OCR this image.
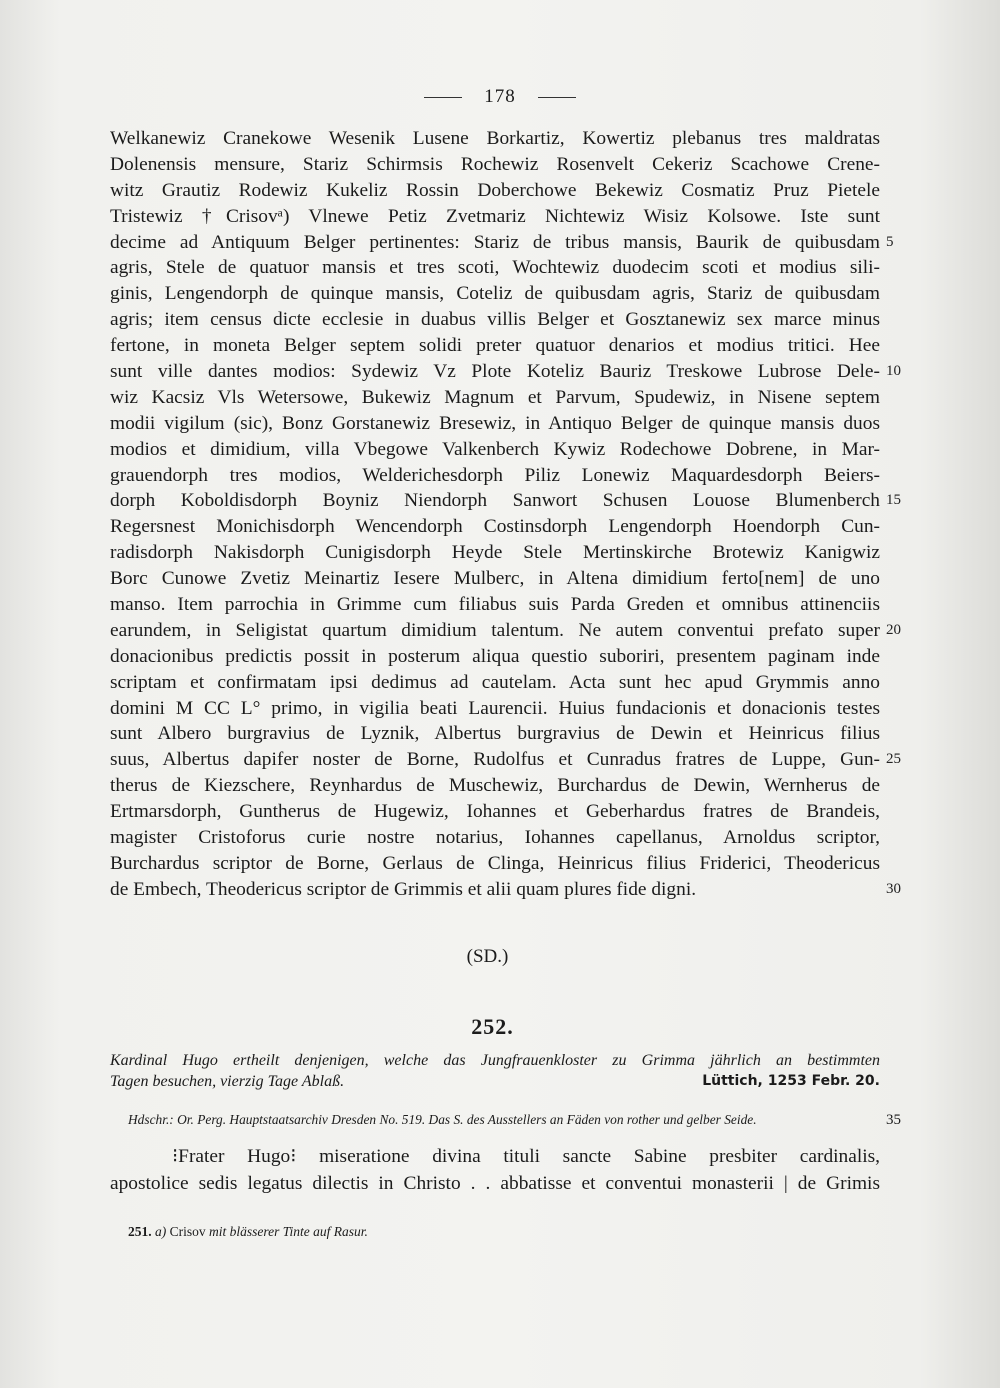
178
Welkanewiz Cranekowe Wesenik Lusene Borkartiz, Kowertiz plebanus tres maldratas
Dolenensis mensure, Stariz Schirmsis Rochewiz Rosenvelt Cekeriz Scachowe Crene-
witz Grautiz Rodewiz Kukeliz Rossin Doberchowe Bekewiz Cosmatiz Pruz Pietele
Tristewiz †Crisovᵃ) Vlnewe Petiz Zvetmariz Nichtewiz Wisiz Kolsowe. Iste sunt
decime ad Antiquum Belger pertinentes: Stariz de tribus mansis, Baurik de quibusdam 5
agris, Stele de quatuor mansis et tres scoti, Wochtewiz duodecim scoti et modius sili-
ginis, Lengendorph de quinque mansis, Coteliz de quibusdam agris, Stariz de quibusdam
agris; item census dicte ecclesie in duabus villis Belger et Gosztanewiz sex marce minus
fertone, in moneta Belger septem solidi preter quatuor denarios et modius tritici. Hee
sunt ville dantes modios: Sydewiz Vz Plote Koteliz Bauriz Treskowe Lubrose Dele- 10
wiz Kacsiz Vls Wetersowe, Bukewiz Magnum et Parvum, Spudewiz, in Nisene septem
modii vigilum (sic), Bonz Gorstanewiz Bresewiz, in Antiquo Belger de quinque mansis duos
modios et dimidium, villa Vbegowe Valkenberch Kywiz Rodechowe Dobrene, in Mar-
grauendorph tres modios, Welderichesdorph Piliz Lonewiz Maquardesdorph Beiers-
dorph Koboldisdorph Boyniz Niendorph Sanwort Schusen Louose Blumenberch 15
Regersnest Monichisdorph Wencendorph Costinsdorph Lengendorph Hoendorph Cun-
radisdorph Nakisdorph Cunigisdorph Heyde Stele Mertinskirche Brotewiz Kanigwiz
Borc Cunowe Zvetiz Meinartiz Iesere Mulberc, in Altena dimidium ferto[nem] de uno
manso. Item parrochia in Grimme cum filiabus suis Parda Greden et omnibus attinenciis
earundem, in Seligistat quartum dimidium talentum. Ne autem conventui prefato super 20
donacionibus predictis possit in posterum aliqua questio suboriri, presentem paginam inde
scriptam et confirmatam ipsi dedimus ad cautelam. Acta sunt hec apud Grymmis anno
domini M CC L° primo, in vigilia beati Laurencii. Huius fundacionis et donacionis testes
sunt Albero burgravius de Lyznik, Albertus burgravius de Dewin et Heinricus filius
suus, Albertus dapifer noster de Borne, Rudolfus et Cunradus fratres de Luppe, Gun- 25
therus de Kiezschere, Reynhardus de Muschewiz, Burchardus de Dewin, Wernherus de
Ertmarsdorph, Guntherus de Hugewiz, Iohannes et Geberhardus fratres de Brandeis,
magister Cristoforus curie nostre notarius, Iohannes capellanus, Arnoldus scriptor,
Burchardus scriptor de Borne, Gerlaus de Clinga, Heinricus filius Friderici, Theodericus
de Embech, Theodericus scriptor de Grimmis et alii quam plures fide digni.	30
(SD.)
252.
Kardinal Hugo ertheilt denjenigen, welche das Jungfrauenkloster zu Grimma jährlich an bestimmten
Tagen besuchen, vierzig Tage Ablaß.	Lüttich, 1253 Febr. 20.
Hdschr.: Or. Perg. Hauptstaatsarchiv Dresden No. 519. Das S. des Ausstellers an Fäden von rother und gelber Seide.	35
⁝Frater Hugo⁝ miseratione divina tituli sancte Sabine presbiter cardinalis,
apostolice sedis legatus dilectis in Christo . . abbatisse et conventui monasterii | de Grimis
251. a) Crisov mit blässerer Tinte auf Rasur.
